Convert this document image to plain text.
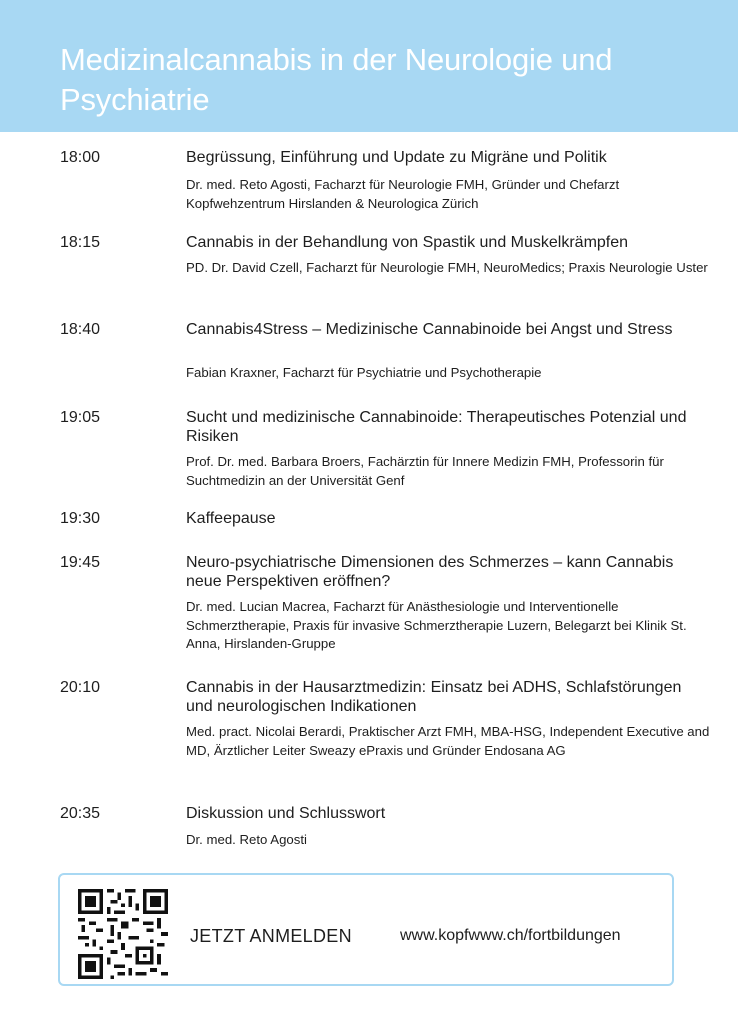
Medizinalcannabis in der Neurologie und Psychiatrie
18:00	Begrüssung, Einführung und Update zu Migräne und Politik
Dr. med. Reto Agosti, Facharzt für Neurologie FMH, Gründer und Chefarzt Kopfwehzentrum Hirslanden & Neurologica Zürich
18:15	Cannabis in der Behandlung von Spastik und Muskelkrämpfen
PD. Dr. David Czell, Facharzt für Neurologie FMH, NeuroMedics; Praxis Neurologie Uster
18:40	Cannabis4Stress – Medizinische Cannabinoide bei Angst und Stress
Fabian Kraxner, Facharzt für Psychiatrie und Psychotherapie
19:05	Sucht und medizinische Cannabinoide: Therapeutisches Potenzial und Risiken
Prof. Dr. med. Barbara Broers, Fachärztin für Innere Medizin FMH, Professorin für Suchtmedizin an der Universität Genf
19:30	Kaffeepause
19:45	Neuro-psychiatrische Dimensionen des Schmerzes – kann Cannabis neue Perspektiven eröffnen?
Dr. med. Lucian Macrea, Facharzt für Anästhesiologie und Interventionelle Schmerztherapie, Praxis für invasive Schmerztherapie Luzern, Belegarzt bei Klinik St. Anna, Hirslanden-Gruppe
20:10	Cannabis in der Hausarztmedizin: Einsatz bei ADHS, Schlafstörungen und neurologischen Indikationen
Med. pract. Nicolai Berardi, Praktischer Arzt FMH, MBA-HSG, Independent Executive and MD, Ärztlicher Leiter Sweazy ePraxis und Gründer Endosana AG
20:35	Diskussion und Schlusswort
Dr. med. Reto Agosti
JETZT ANMELDEN	www.kopfwww.ch/fortbildungen
